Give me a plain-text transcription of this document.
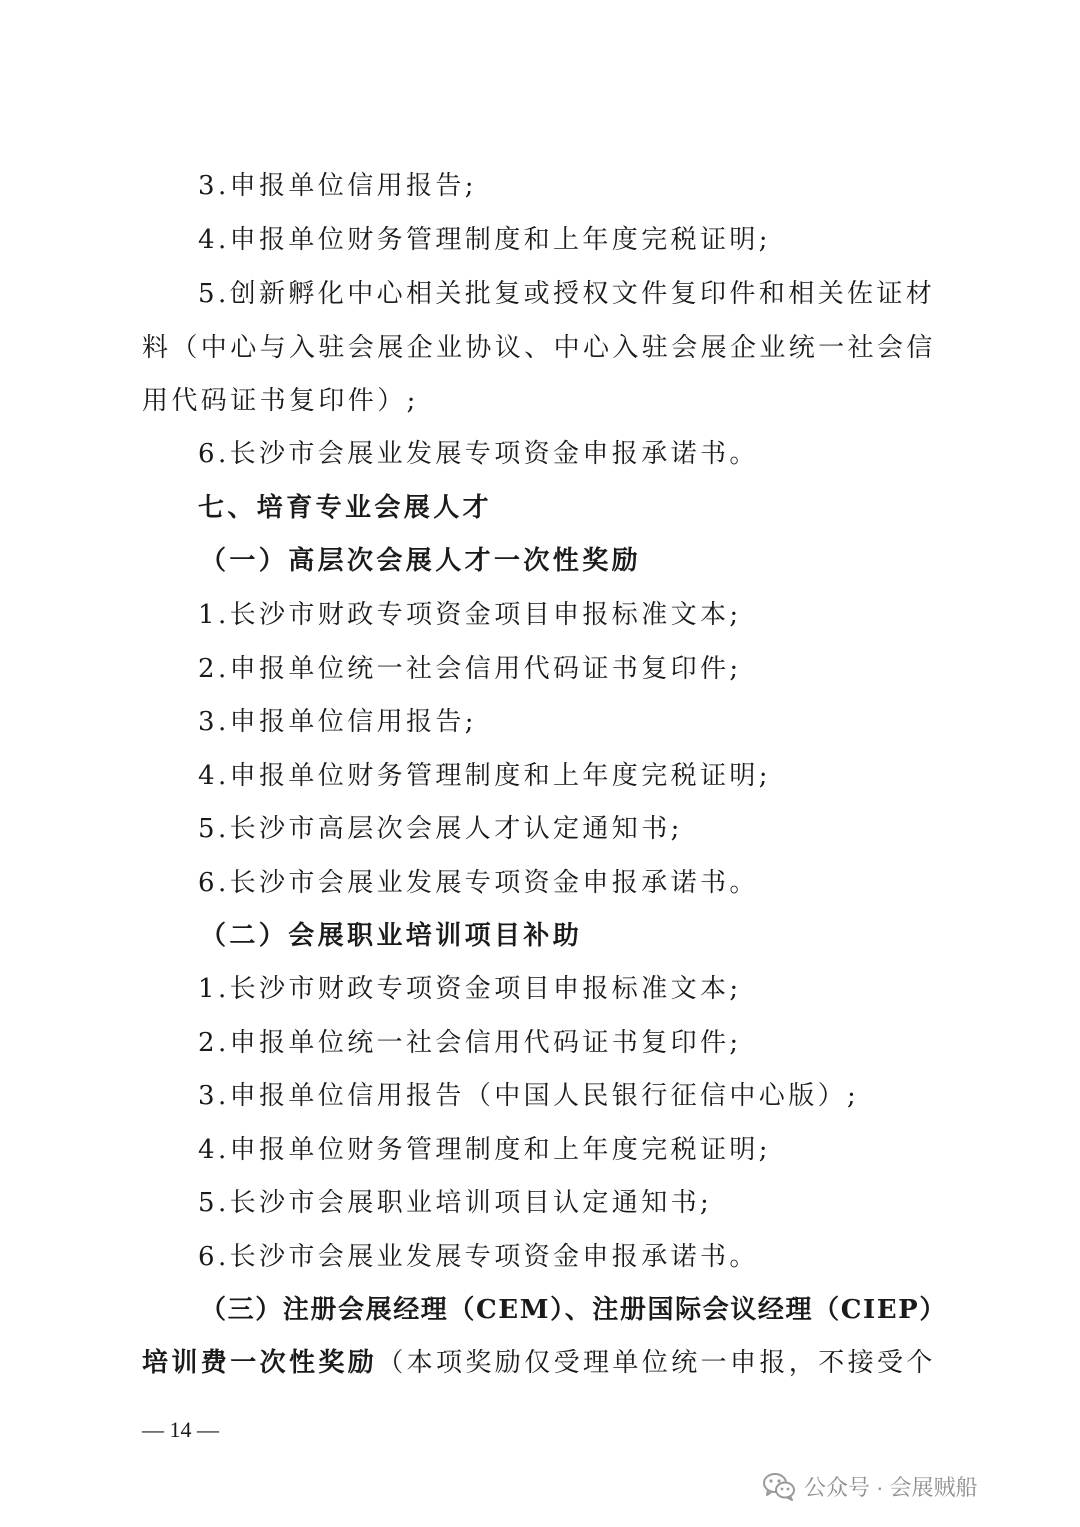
3.申报单位信用报告;
4.申报单位财务管理制度和上年度完税证明;
5.创新孵化中心相关批复或授权文件复印件和相关佐证材
料（中心与入驻会展企业协议、中心入驻会展企业统一社会信
用代码证书复印件）;
6.长沙市会展业发展专项资金申报承诺书。
七、培育专业会展人才
（一）高层次会展人才一次性奖励
1.长沙市财政专项资金项目申报标准文本;
2.申报单位统一社会信用代码证书复印件;
3.申报单位信用报告;
4.申报单位财务管理制度和上年度完税证明;
5.长沙市高层次会展人才认定通知书;
6.长沙市会展业发展专项资金申报承诺书。
（二）会展职业培训项目补助
1.长沙市财政专项资金项目申报标准文本;
2.申报单位统一社会信用代码证书复印件;
3.申报单位信用报告（中国人民银行征信中心版）;
4.申报单位财务管理制度和上年度完税证明;
5.长沙市会展职业培训项目认定通知书;
6.长沙市会展业发展专项资金申报承诺书。
（三）注册会展经理（CEM）、注册国际会议经理（CIEP）
培训费一次性奖励（本项奖励仅受理单位统一申报，不接受个
— 14 —
公众号 · 会展贼船
